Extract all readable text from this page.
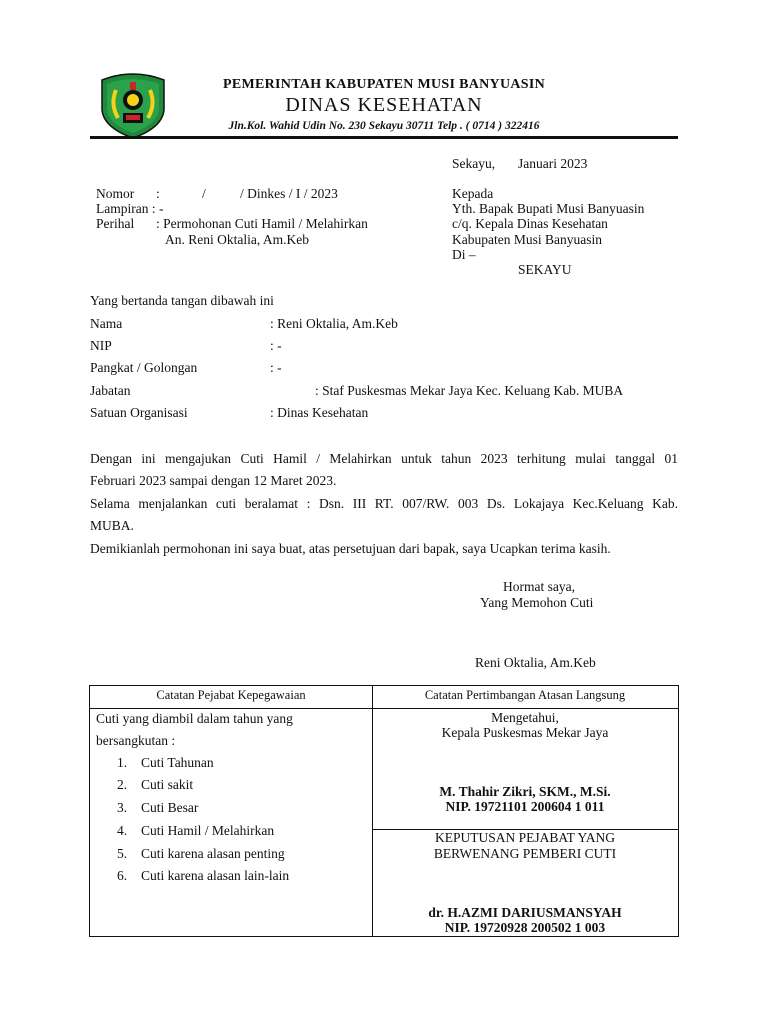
PEMERINTAH KABUPATEN MUSI BANYUASIN
DINAS KESEHATAN
Jln.Kol. Wahid Udin No. 230 Sekayu 30711 Telp . ( 0714 ) 322416
Sekayu, Januari 2023
Nomor :	/	/ Dinkes / I / 2023
Lampiran : -
Perihal : Permohonan Cuti Hamil / Melahirkan
An. Reni Oktalia, Am.Keb
Kepada
Yth. Bapak Bupati Musi Banyuasin
c/q. Kepala Dinas Kesehatan
Kabupaten Musi Banyuasin
Di –
SEKAYU
Yang bertanda tangan dibawah ini
Nama	: Reni Oktalia, Am.Keb
NIP	: -
Pangkat / Golongan	: -
Jabatan	: Staf Puskesmas Mekar Jaya Kec. Keluang Kab. MUBA
Satuan Organisasi	: Dinas Kesehatan
Dengan ini mengajukan Cuti Hamil / Melahirkan untuk tahun 2023 terhitung mulai tanggal 01
Februari 2023 sampai dengan 12 Maret 2023.
Selama menjalankan cuti beralamat : Dsn. III RT. 007/RW. 003 Ds. Lokajaya Kec.Keluang Kab.
MUBA.
Demikianlah permohonan ini saya buat, atas persetujuan dari bapak, saya Ucapkan terima kasih.
Hormat saya,
Yang Memohon Cuti
Reni Oktalia, Am.Keb
Catatan Pejabat Kepegawaian	Catatan Pertimbangan Atasan Langsung
Cuti yang diambil dalam tahun yang
bersangkutan :
1. Cuti Tahunan
2. Cuti sakit
3. Cuti Besar
4. Cuti Hamil / Melahirkan
5. Cuti karena alasan penting
6. Cuti karena alasan lain-lain
Mengetahui,
Kepala Puskesmas Mekar Jaya
M. Thahir Zikri, SKM., M.Si.
NIP. 19721101 200604 1 011
KEPUTUSAN PEJABAT YANG
BERWENANG PEMBERI CUTI
dr. H.AZMI DARIUSMANSYAH
NIP. 19720928 200502 1 003
